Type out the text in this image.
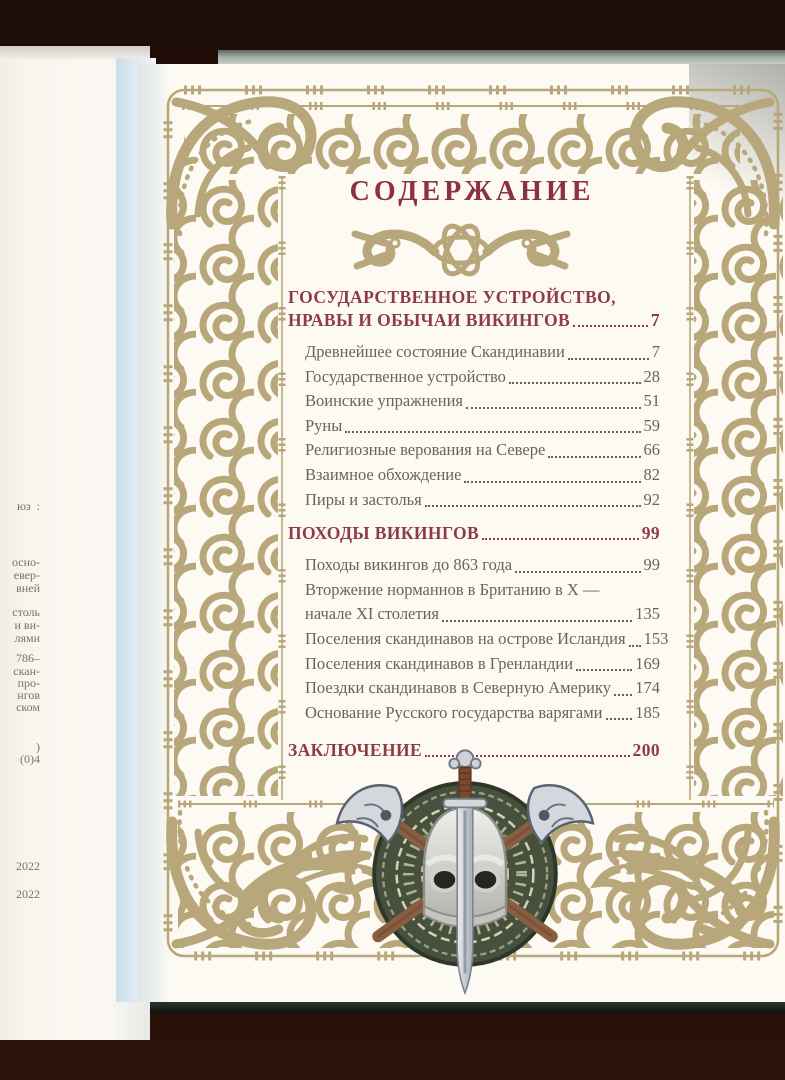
юз  :
осно-
евер-
вней
столь
и ви-
лями
786–
скан-
про-
нгов
ском
)
(0)4
2022
2022
СОДЕРЖАНИЕ
ГОСУДАРСТВЕННОЕ УСТРОЙСТВО,
НРАВЫ И ОБЫЧАИ ВИКИНГОВ	7
Древнейшее состояние Скандинавии	7
Государственное устройство	28
Воинские упражнения	51
Руны	59
Религиозные верования на Севере	66
Взаимное обхождение	82
Пиры и застолья	92
ПОХОДЫ ВИКИНГОВ	99
Походы викингов до 863 года	99
Вторжение норманнов в Британию в X —
начале XI столетия	135
Поселения скандинавов на острове Исландия 153
Поселения скандинавов в Гренландии	169
Поездки скандинавов в Северную Америку 174
Основание Русского государства варягами 185
ЗАКЛЮЧЕНИЕ	200
